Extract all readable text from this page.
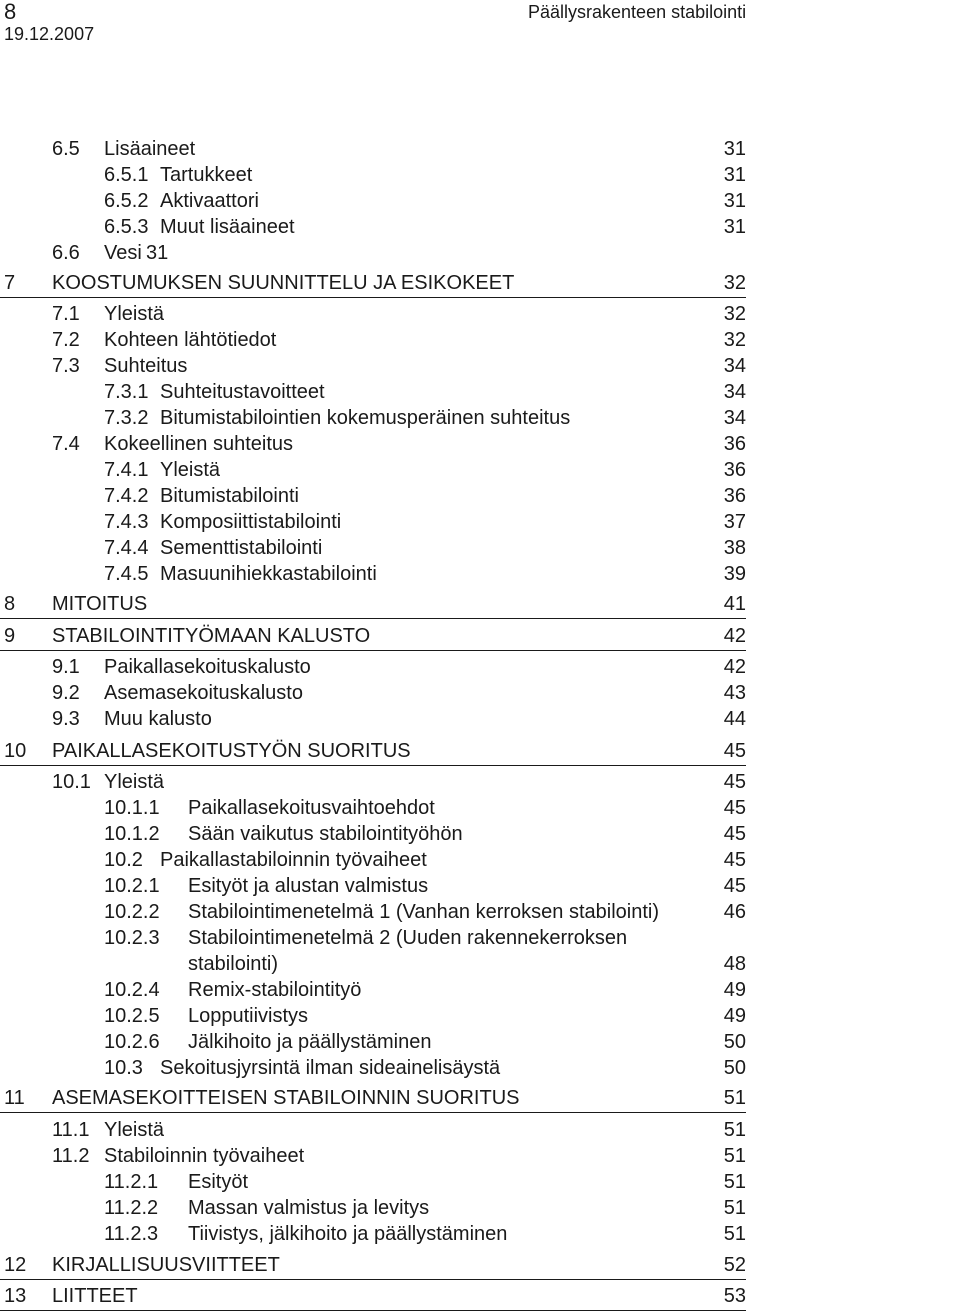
8
19.12.2007
Päällysrakenteen stabilointi
6.5 Lisäaineet	31
6.5.1 Tartukkeet	31
6.5.2 Aktivaattori	31
6.5.3 Muut lisäaineet	31
6.6 Vesi 31
7 KOOSTUMUKSEN SUUNNITTELU JA ESIKOKEET	32
7.1 Yleistä	32
7.2 Kohteen lähtötiedot	32
7.3 Suhteitus	34
7.3.1 Suhteitustavoitteet	34
7.3.2 Bitumistabilointien kokemusperäinen suhteitus	34
7.4 Kokeellinen suhteitus	36
7.4.1 Yleistä	36
7.4.2 Bitumistabilointi	36
7.4.3 Komposiittistabilointi	37
7.4.4 Sementtistabilointi	38
7.4.5 Masuunihiekkastabilointi	39
8 MITOITUS	41
9 STABILOINTITYÖMAAN KALUSTO	42
9.1 Paikallasekoituskalusto	42
9.2 Asemasekoituskalusto	43
9.3 Muu kalusto	44
10 PAIKALLASEKOITUSTYÖN SUORITUS	45
10.1 Yleistä	45
10.1.1 Paikallasekoitusvaihtoehdot	45
10.1.2 Sään vaikutus stabilointityöhön	45
10.2 Paikallastabiloinnin työvaiheet	45
10.2.1 Esityöt ja alustan valmistus	45
10.2.2 Stabilointimenetelmä 1 (Vanhan kerroksen stabilointi)	46
10.2.3 Stabilointimenetelmä 2 (Uuden rakennekerroksen
stabilointi)	48
10.2.4 Remix-stabilointityö	49
10.2.5 Lopputiivistys	49
10.2.6 Jälkihoito ja päällystäminen	50
10.3 Sekoitusjyrsintä ilman sideainelisäystä	50
11 ASEMASEKOITTEISEN STABILOINNIN SUORITUS	51
11.1 Yleistä	51
11.2 Stabiloinnin työvaiheet	51
11.2.1 Esityöt	51
11.2.2 Massan valmistus ja levitys	51
11.2.3 Tiivistys, jälkihoito ja päällystäminen	51
12 KIRJALLISUUSVIITTEET	52
13 LIITTEET	53
